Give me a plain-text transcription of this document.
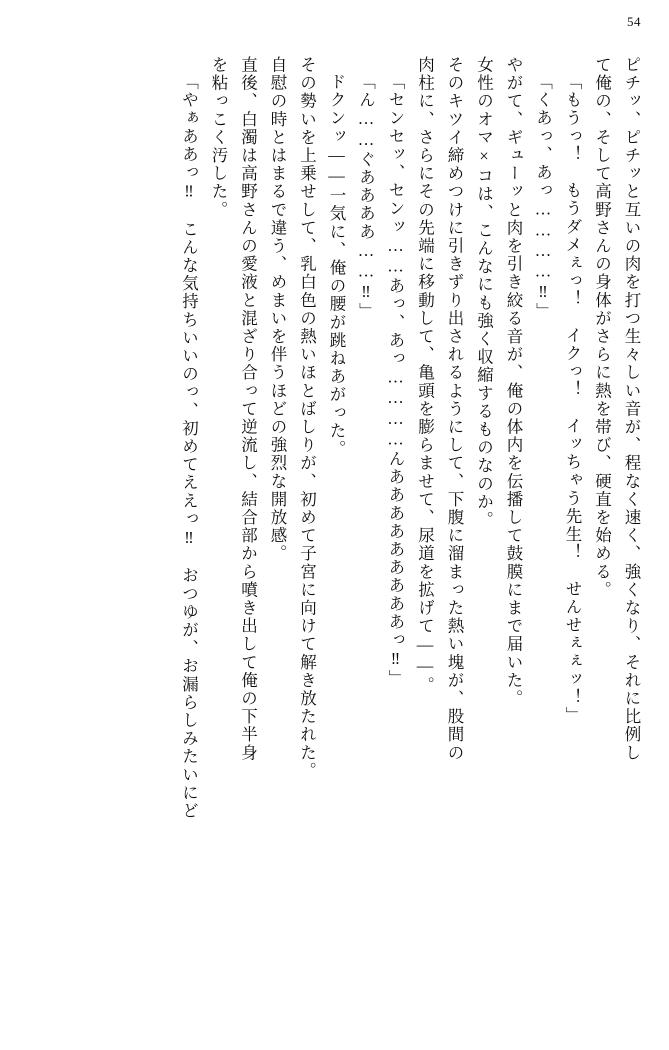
54
ピチッ、ピチッと互いの肉を打つ生々しい音が、程なく速く、強くなり、それに比例し
て俺の、そして高野さんの身体がさらに熱を帯び、硬直を始める。
「もうっ！　もうダメぇっ！　イクっ！　イッちゃう先生！　せんせぇぇッ！」
「くあっ、あっ…………‼」
やがて、ギューッと肉を引き絞る音が、俺の体内を伝播して鼓膜にまで届いた。
女性のオマ×コは、こんなにも強く収縮するものなのか。
そのキツイ締めつけに引きずり出されるようにして、下腹に溜まった熱い塊が、股間の
肉柱に、さらにその先端に移動して、亀頭を膨らませて、尿道を拡げて――。
「センセッ、センッ……あっ、あっ…………んあああああああああっ‼」
「ん……ぐああああ……‼」
ドクンッ――一気に、俺の腰が跳ねあがった。
その勢いを上乗せして、乳白色の熱いほとばしりが、初めて子宮に向けて解き放たれた。
自慰の時とはまるで違う、めまいを伴うほどの強烈な開放感。
直後、白濁は高野さんの愛液と混ざり合って逆流し、結合部から噴き出して俺の下半身
を粘っこく汚した。
「やぁああっ‼　こんな気持ちいいのっ、初めてええっ‼　おつゆが、お漏らしみたいにど
